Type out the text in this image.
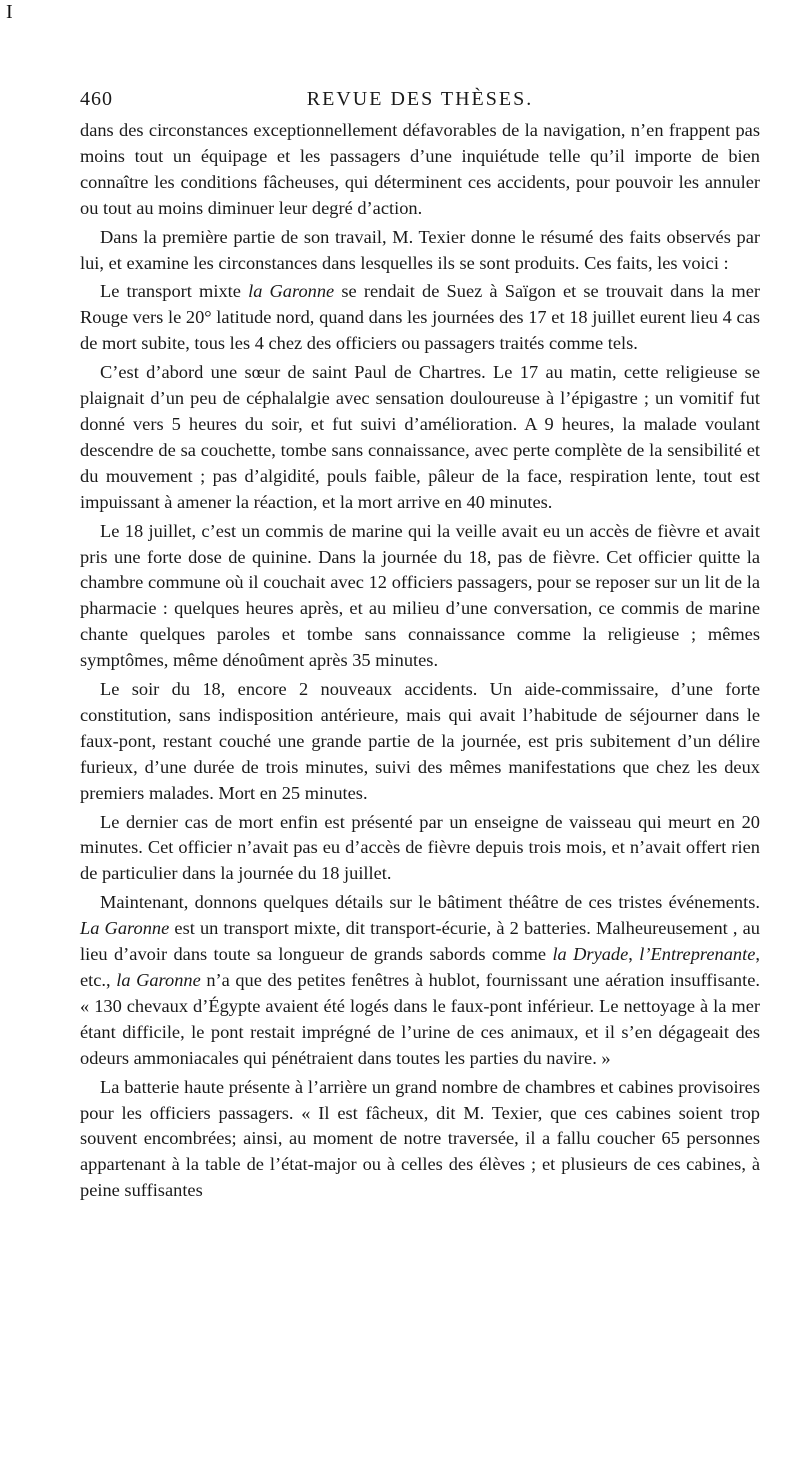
I
460	REVUE DES THÈSES.

dans des circonstances exceptionnellement défavorables de la navigation, n’en frappent pas moins tout un équipage et les passagers d’une inquiétude telle qu’il importe de bien connaître les conditions fâcheuses, qui déterminent ces accidents, pour pouvoir les annuler ou tout au moins diminuer leur degré d’action.

Dans la première partie de son travail, M. Texier donne le résumé des faits observés par lui, et examine les circonstances dans lesquelles ils se sont produits. Ces faits, les voici :

Le transport mixte la Garonne se rendait de Suez à Saïgon et se trouvait dans la mer Rouge vers le 20° latitude nord, quand dans les journées des 17 et 18 juillet eurent lieu 4 cas de mort subite, tous les 4 chez des officiers ou passagers traités comme tels.

C’est d’abord une sœur de saint Paul de Chartres. Le 17 au matin, cette religieuse se plaignait d’un peu de céphalalgie avec sensation douloureuse à l’épigastre ; un vomitif fut donné vers 5 heures du soir, et fut suivi d’amélioration. A 9 heures, la malade voulant descendre de sa couchette, tombe sans connaissance, avec perte complète de la sensibilité et du mouvement ; pas d’algidité, pouls faible, pâleur de la face, respiration lente, tout est impuissant à amener la réaction, et la mort arrive en 40 minutes.

Le 18 juillet, c’est un commis de marine qui la veille avait eu un accès de fièvre et avait pris une forte dose de quinine. Dans la journée du 18, pas de fièvre. Cet officier quitte la chambre commune où il couchait avec 12 officiers passagers, pour se reposer sur un lit de la pharmacie : quelques heures après, et au milieu d’une conversation, ce commis de marine chante quelques paroles et tombe sans connaissance comme la religieuse ; mêmes symptômes, même dénoûment après 35 minutes.

Le soir du 18, encore 2 nouveaux accidents. Un aide-commissaire, d’une forte constitution, sans indisposition antérieure, mais qui avait l’habitude de séjourner dans le faux-pont, restant couché une grande partie de la journée, est pris subitement d’un délire furieux, d’une durée de trois minutes, suivi des mêmes manifestations que chez les deux premiers malades. Mort en 25 minutes.

Le dernier cas de mort enfin est présenté par un enseigne de vaisseau qui meurt en 20 minutes. Cet officier n’avait pas eu d’accès de fièvre depuis trois mois, et n’avait offert rien de particulier dans la journée du 18 juillet.

Maintenant, donnons quelques détails sur le bâtiment théâtre de ces tristes événements. La Garonne est un transport mixte, dit transport-écurie, à 2 batteries. Malheureusement , au lieu d’avoir dans toute sa longueur de grands sabords comme la Dryade, l’Entreprenante, etc., la Garonne n’a que des petites fenêtres à hublot, fournissant une aération insuffisante. « 130 chevaux d’Égypte avaient été logés dans le faux-pont inférieur. Le nettoyage à la mer étant difficile, le pont restait imprégné de l’urine de ces animaux, et il s’en dégageait des odeurs ammoniacales qui pénétraient dans toutes les parties du navire. »

La batterie haute présente à l’arrière un grand nombre de chambres et cabines provisoires pour les officiers passagers. « Il est fâcheux, dit M. Texier, que ces cabines soient trop souvent encombrées; ainsi, au moment de notre traversée, il a fallu coucher 65 personnes appartenant à la table de l’état-major ou à celles des élèves ; et plusieurs de ces cabines, à peine suffisantes
